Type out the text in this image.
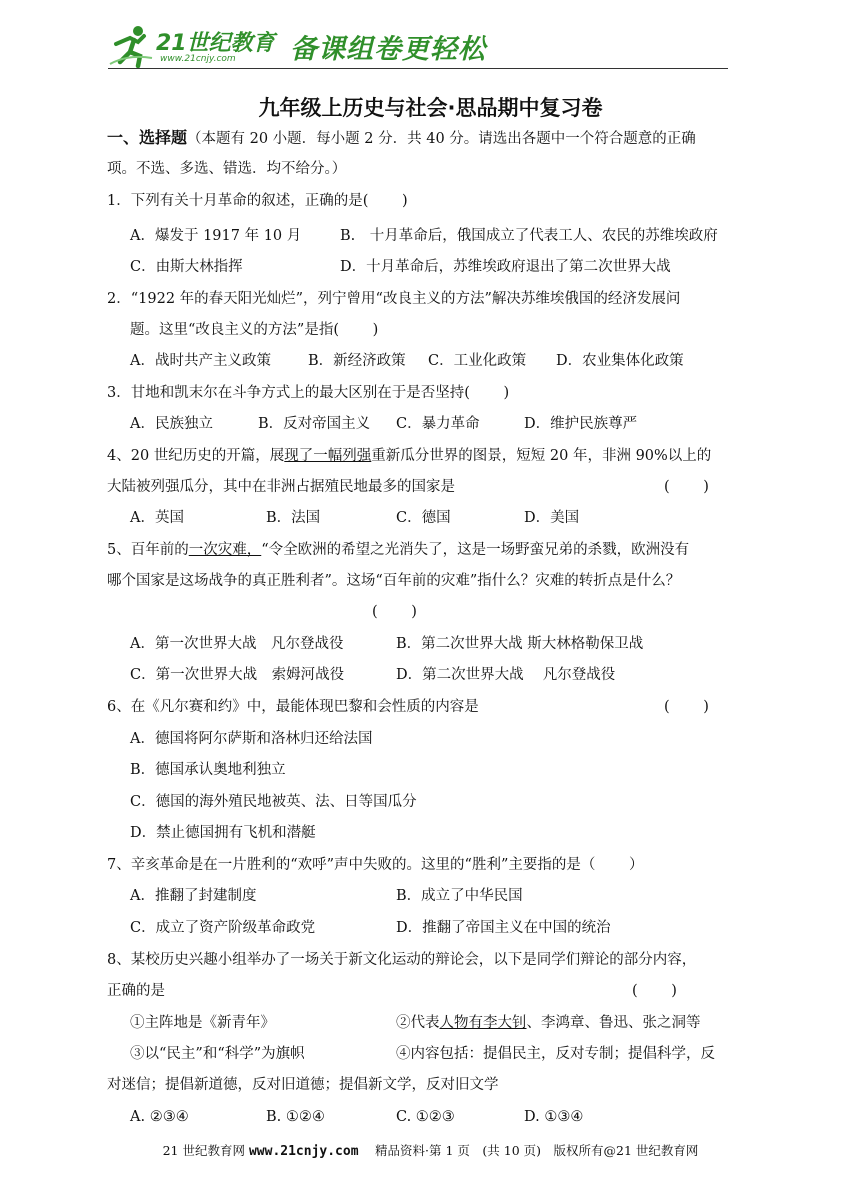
21世纪教育
www.21cnjy.com 备课组卷更轻松
九年级上历史与社会·思品期中复习卷
一、选择题（本题有 20 小题．每小题 2 分．共 40 分。请选出各题中一个符合题意的正确
项。不选、多选、错选．均不给分。）
1．下列有关十月革命的叙述，正确的是(　　 )
A．爆发于 1917 年 10 月	B.　十月革命后，俄国成立了代表工人、农民的苏维埃政府
C．由斯大林指挥	D．十月革命后，苏维埃政府退出了第二次世界大战
2．“1922 年的春天阳光灿烂”，列宁曾用“改良主义的方法”解决苏维埃俄国的经济发展问
题。这里“改良主义的方法”是指(　　 )
A．战时共产主义政策	B．新经济政策 C．工业化政策 D．农业集体化政策
3．甘地和凯末尔在斗争方式上的最大区别在于是否坚持(　　 )
A．民族独立	B．反对帝国主义 C．暴力革命	D．维护民族尊严
4、20 世纪历史的开篇，展现了一幅列强重新瓜分世界的图景，短短 20 年，非洲 90%以上的
大陆被列强瓜分，其中在非洲占据殖民地最多的国家是	(　　 )
A．英国	B．法国	C．德国	D．美国
5、百年前的一次灾难，“令全欧洲的希望之光消失了，这是一场野蛮兄弟的杀戮，欧洲没有
哪个国家是这场战争的真正胜利者”。这场“百年前的灾难”指什么？灾难的转折点是什么？
(　　 )
A．第一次世界大战　凡尔登战役	B．第二次世界大战 斯大林格勒保卫战
C．第一次世界大战　索姆河战役	D．第二次世界大战　 凡尔登战役
6、在《凡尔赛和约》中，最能体现巴黎和会性质的内容是	(　　 )
A．德国将阿尔萨斯和洛林归还给法国
B．德国承认奥地利独立
C．德国的海外殖民地被英、法、日等国瓜分
D．禁止德国拥有飞机和潜艇
7、辛亥革命是在一片胜利的“欢呼”声中失败的。这里的“胜利”主要指的是（　　 ）
A．推翻了封建制度	B．成立了中华民国
C．成立了资产阶级革命政党	D．推翻了帝国主义在中国的统治
8、某校历史兴趣小组举办了一场关于新文化运动的辩论会，以下是同学们辩论的部分内容，
正确的是	(　　 )
①主阵地是《新青年》	②代表人物有李大钊、李鸿章、鲁迅、张之洞等
③以“民主”和“科学”为旗帜	④内容包括：提倡民主，反对专制；提倡科学，反
对迷信；提倡新道德，反对旧道德；提倡新文学，反对旧文学
A. ②③④	B. ①②④	C. ①②③	D. ①③④
21 世纪教育网 www.21cnjy.com 　精品资料·第 1 页　(共 10 页)　版权所有@21 世纪教育网
